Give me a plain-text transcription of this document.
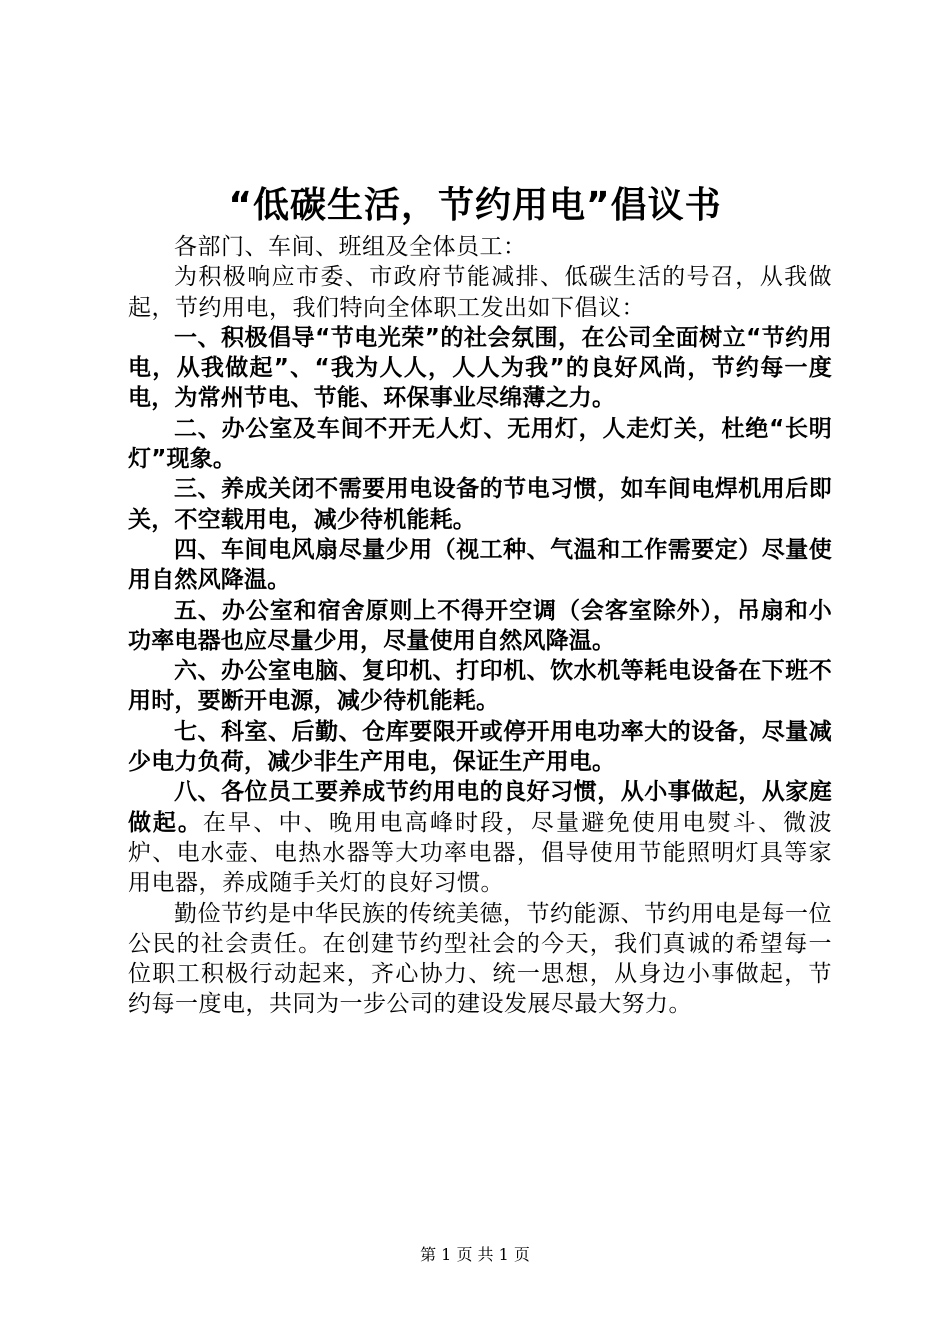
“低碳生活，节约用电”倡议书

各部门、车间、班组及全体员工：

为积极响应市委、市政府节能减排、低碳生活的号召，从我做起，节约用电，我们特向全体职工发出如下倡议：

一、积极倡导“节电光荣”的社会氛围，在公司全面树立“节约用电，从我做起”、“我为人人，人人为我”的良好风尚，节约每一度电，为常州节电、节能、环保事业尽绵薄之力。

二、办公室及车间不开无人灯、无用灯，人走灯关，杜绝“长明灯”现象。

三、养成关闭不需要用电设备的节电习惯，如车间电焊机用后即关，不空载用电，减少待机能耗。

四、车间电风扇尽量少用（视工种、气温和工作需要定）尽量使用自然风降温。

五、办公室和宿舍原则上不得开空调（会客室除外），吊扇和小功率电器也应尽量少用，尽量使用自然风降温。

六、办公室电脑、复印机、打印机、饮水机等耗电设备在下班不用时，要断开电源，减少待机能耗。

七、科室、后勤、仓库要限开或停开用电功率大的设备，尽量减少电力负荷，减少非生产用电，保证生产用电。

八、各位员工要养成节约用电的良好习惯，从小事做起，从家庭做起。在早、中、晚用电高峰时段，尽量避免使用电熨斗、微波炉、电水壶、电热水器等大功率电器，倡导使用节能照明灯具等家用电器，养成随手关灯的良好习惯。

勤俭节约是中华民族的传统美德，节约能源、节约用电是每一位公民的社会责任。在创建节约型社会的今天，我们真诚的希望每一位职工积极行动起来，齐心协力、统一思想，从身边小事做起，节约每一度电，共同为一步公司的建设发展尽最大努力。

第 1 页 共 1 页
